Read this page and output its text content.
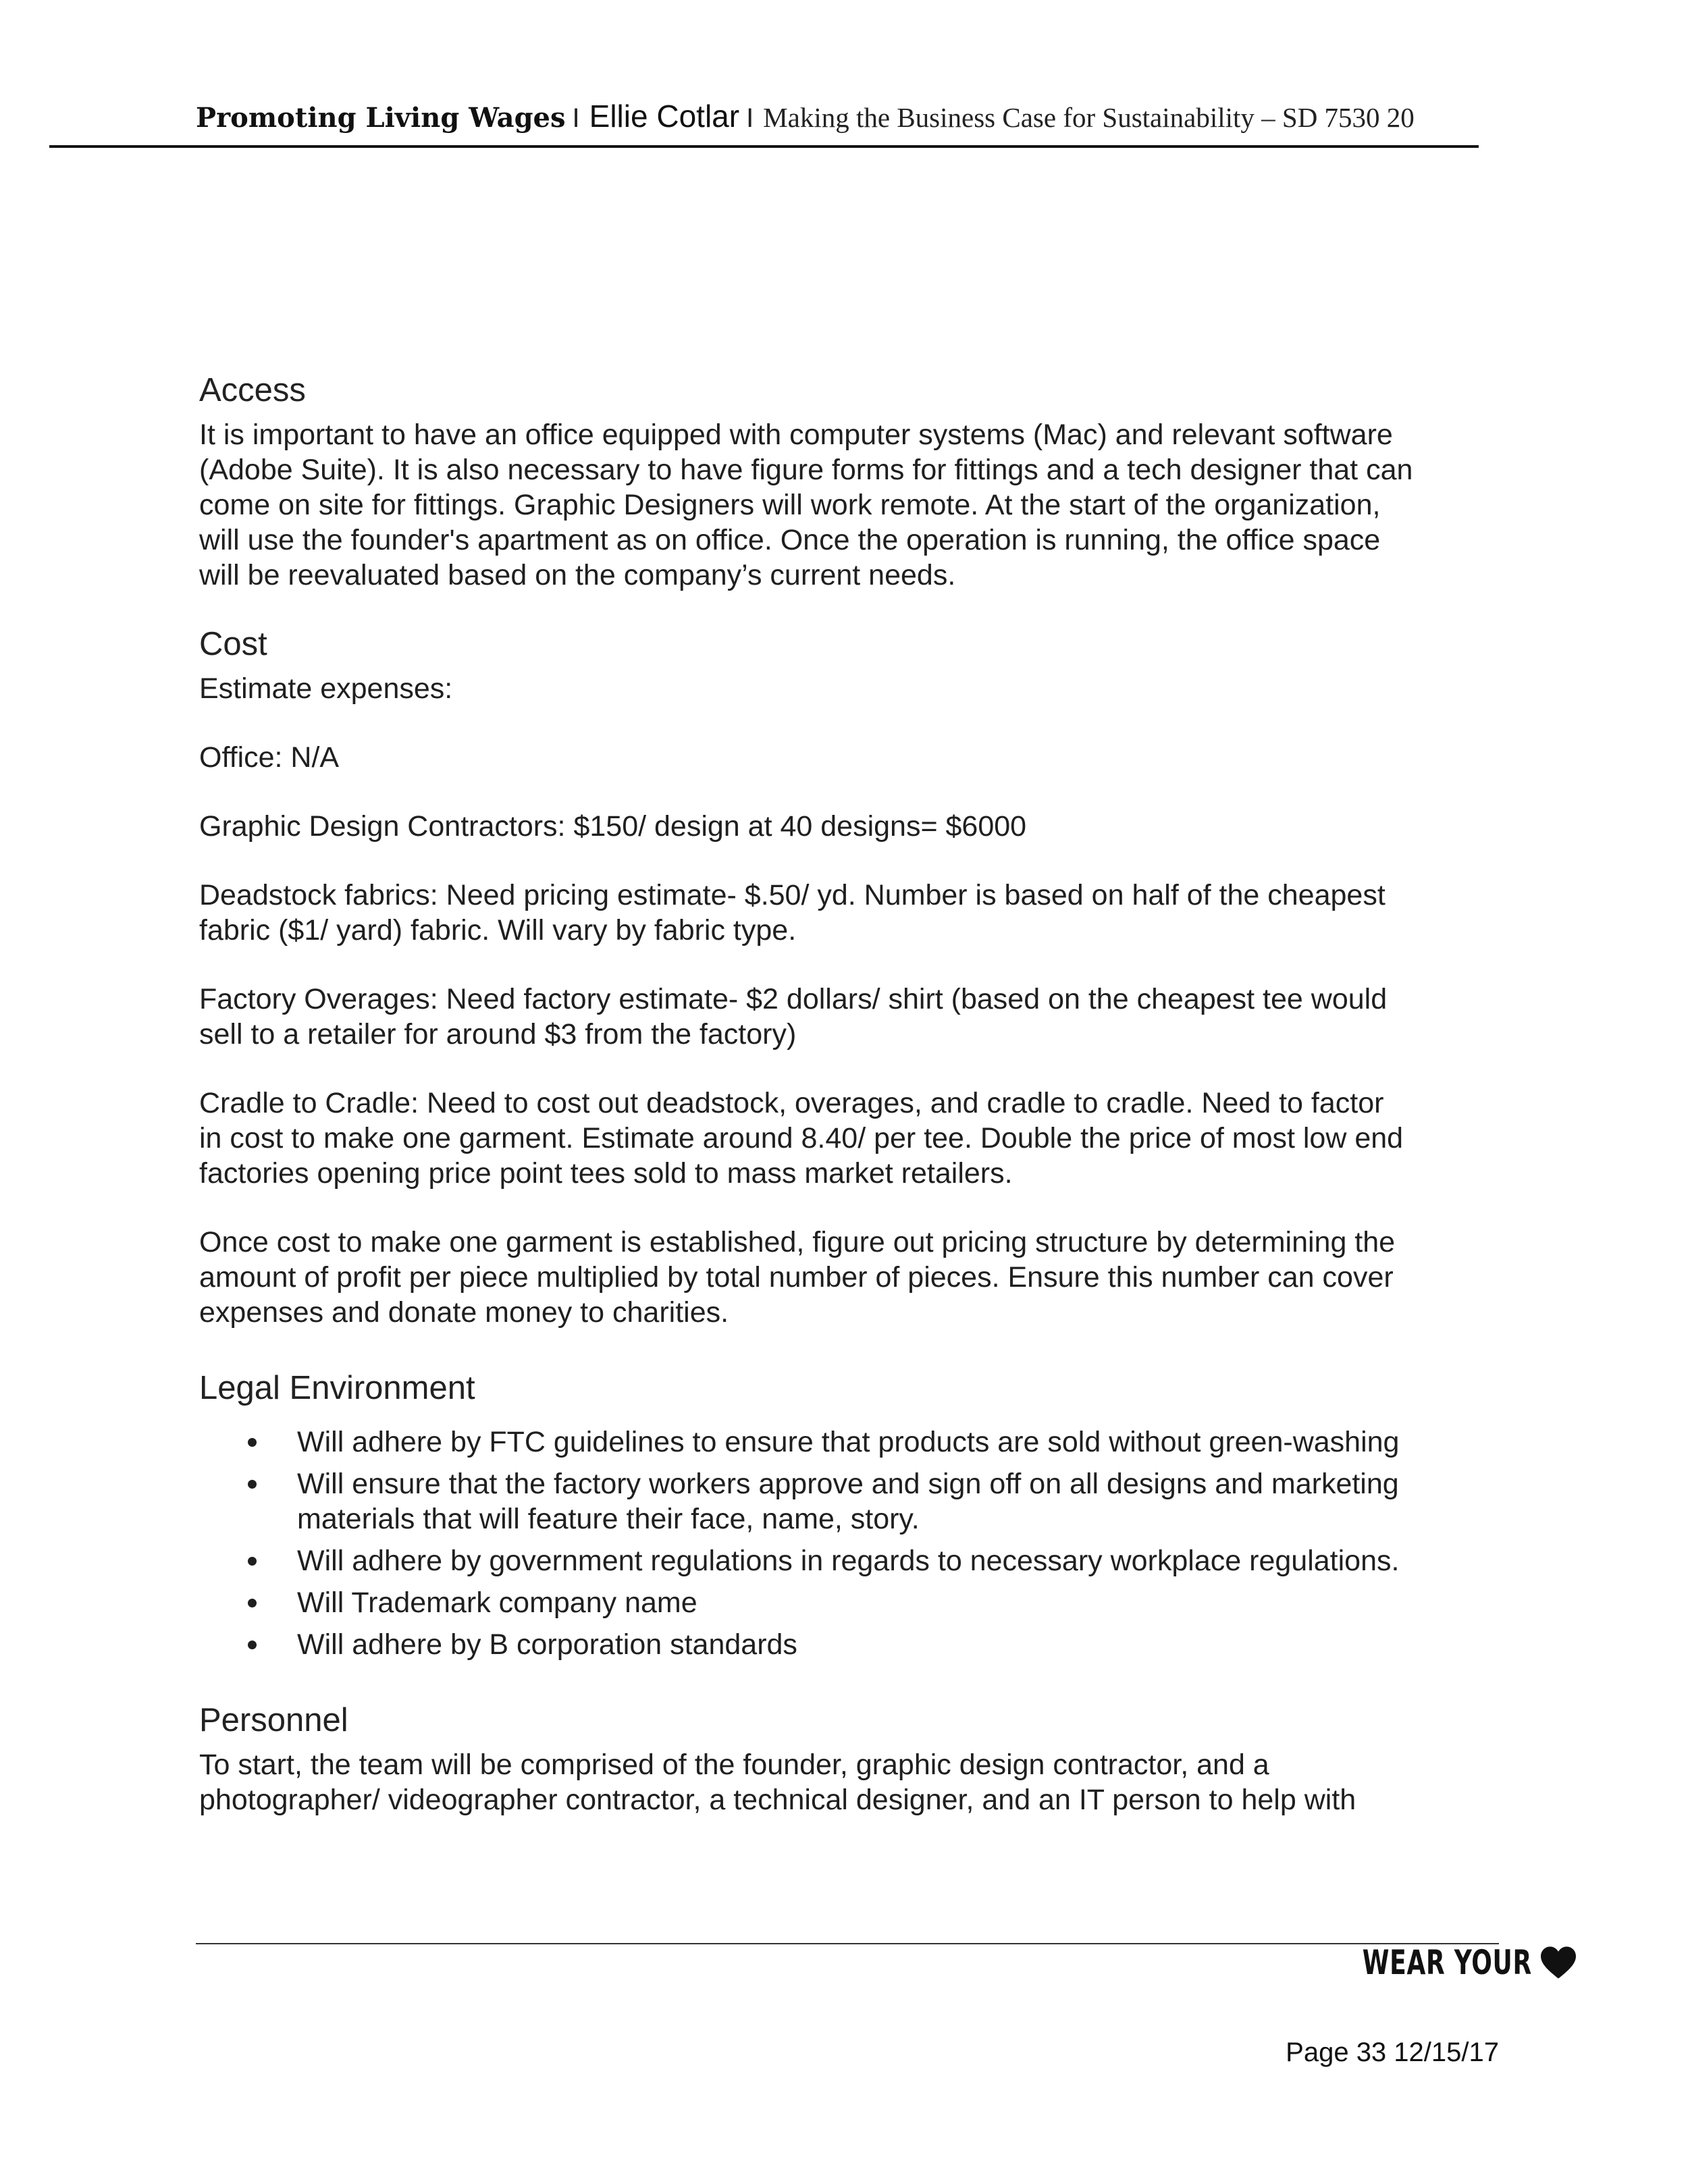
Promoting Living Wages I Ellie Cotlar I Making the Business Case for Sustainability – SD 7530 20
Access

It is important to have an office equipped with computer systems (Mac) and relevant software

(Adobe Suite). It is also necessary to have figure forms for fittings and a tech designer that can

come on site for fittings. Graphic Designers will work remote. At the start of the organization,

will use the founder's apartment as on office. Once the operation is running, the office space

will be reevaluated based on the company’s current needs.

Cost

Estimate expenses:

Office: N/A

Graphic Design Contractors: $150/ design at 40 designs= $6000

Deadstock fabrics: Need pricing estimate- $.50/ yd. Number is based on half of the cheapest

fabric ($1/ yard) fabric. Will vary by fabric type.

Factory Overages: Need factory estimate- $2 dollars/ shirt (based on the cheapest tee would

sell to a retailer for around $3 from the factory)

Cradle to Cradle: Need to cost out deadstock, overages, and cradle to cradle. Need to factor

in cost to make one garment. Estimate around 8.40/ per tee. Double the price of most low end

factories opening price point tees sold to mass market retailers.

Once cost to make one garment is established, figure out pricing structure by determining the

amount of profit per piece multiplied by total number of pieces. Ensure this number can cover

expenses and donate money to charities.

Legal Environment
Will adhere by FTC guidelines to ensure that products are sold without green-washing
Will ensure that the factory workers approve and sign off on all designs and marketing materials that will feature their face, name, story.
Will adhere by government regulations in regards to necessary workplace regulations.
Will Trademark company name
Will adhere by B corporation standards
Personnel

To start, the team will be comprised of the founder, graphic design contractor, and a

photographer/ videographer contractor, a technical designer, and an IT person to help with

WEAR YOUR
Page 33 12/15/17
